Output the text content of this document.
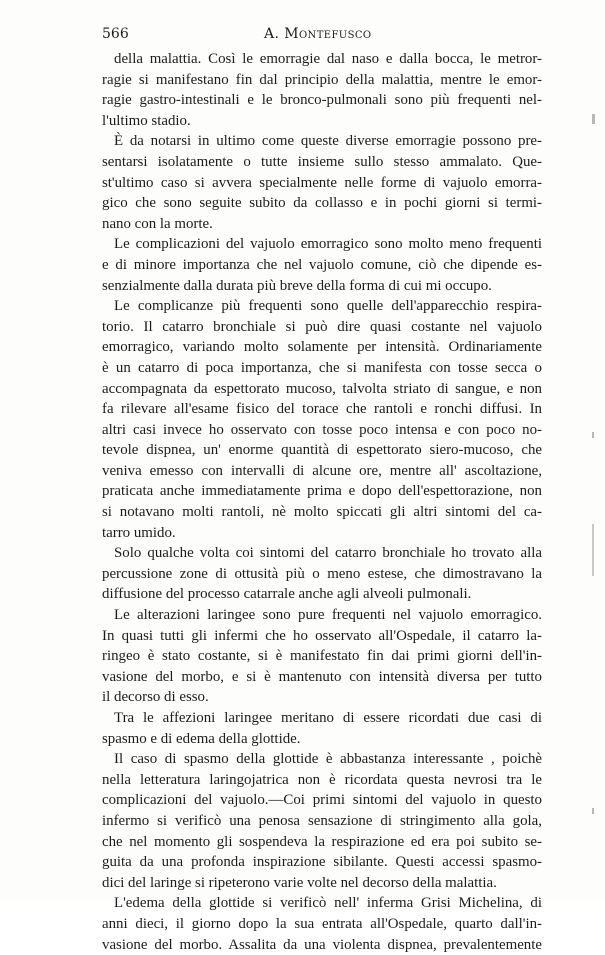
566	A. Montefusco
della malattia. Così le emorragie dal naso e dalla bocca, le metror-
ragie si manifestano fin dal principio della malattia, mentre le emor-
ragie gastro-intestinali e le bronco-pulmonali sono più frequenti nel-
l'ultimo stadio.
È da notarsi in ultimo come queste diverse emorragie possono pre-
sentarsi isolatamente o tutte insieme sullo stesso ammalato. Que-
st'ultimo caso si avvera specialmente nelle forme di vajuolo emorra-
gico che sono seguite subito da collasso e in pochi giorni si termi-
nano con la morte.
Le complicazioni del vajuolo emorragico sono molto meno frequenti
e di minore importanza che nel vajuolo comune, ciò che dipende es-
senzialmente dalla durata più breve della forma di cui mi occupo.
Le complicanze più frequenti sono quelle dell'apparecchio respira-
torio. Il catarro bronchiale si può dire quasi costante nel vajuolo
emorragico, variando molto solamente per intensità. Ordinariamente
è un catarro di poca importanza, che si manifesta con tosse secca o
accompagnata da espettorato mucoso, talvolta striato di sangue, e non
fa rilevare all'esame fisico del torace che rantoli e ronchi diffusi. In
altri casi invece ho osservato con tosse poco intensa e con poco no-
tevole dispnea, un' enorme quantità di espettorato siero-mucoso, che
veniva emesso con intervalli di alcune ore, mentre all' ascoltazione,
praticata anche immediatamente prima e dopo dell'espettorazione, non
si notavano molti rantoli, nè molto spiccati gli altri sintomi del ca-
tarro umido.
Solo qualche volta coi sintomi del catarro bronchiale ho trovato alla
percussione zone di ottusità più o meno estese, che dimostravano la
diffusione del processo catarrale anche agli alveoli pulmonali.
Le alterazioni laringee sono pure frequenti nel vajuolo emorragico.
In quasi tutti gli infermi che ho osservato all'Ospedale, il catarro la-
ringeo è stato costante, si è manifestato fin dai primi giorni dell'in-
vasione del morbo, e si è mantenuto con intensità diversa per tutto
il decorso di esso.
Tra le affezioni laringee meritano di essere ricordati due casi di
spasmo e di edema della glottide.
Il caso di spasmo della glottide è abbastanza interessante , poichè
nella letteratura laringojatrica non è ricordata questa nevrosi tra le
complicazioni del vajuolo.—Coi primi sintomi del vajuolo in questo
infermo si verificò una penosa sensazione di stringimento alla gola,
che nel momento gli sospendeva la respirazione ed era poi subito se-
guita da una profonda inspirazione sibilante. Questi accessi spasmo-
dici del laringe si ripeterono varie volte nel decorso della malattia.
L'edema della glottide si verificò nell' inferma Grisi Michelina, di
anni dieci, il giorno dopo la sua entrata all'Ospedale, quarto dall'in-
vasione del morbo. Assalita da una violenta dispnea, prevalentemente
